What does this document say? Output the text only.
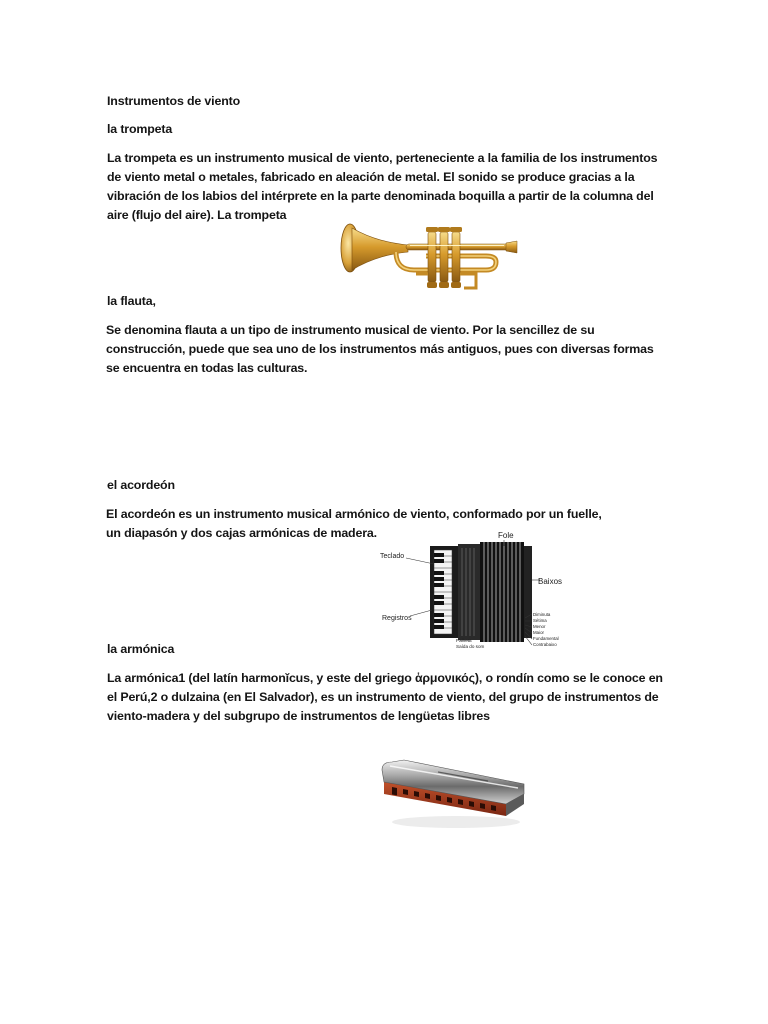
Instrumentos de viento

la trompeta

La trompeta es un instrumento musical de viento, perteneciente a la familia de los instrumentos de viento metal o metales, fabricado en aleación de metal. El sonido se produce gracias a la vibración de los labios del intérprete en la parte denominada boquilla a partir de la columna del aire (flujo del aire). La trompeta

la flauta,

Se denomina flauta a un tipo de instrumento musical de viento. Por la sencillez de su construcción, puede que sea uno de los instrumentos más antiguos, pues con diversas formas se encuentra en todas las culturas.

el acordeón

El acordeón es un instrumento musical armónico de viento, conformado por un fuelle, un diapasón y dos cajas armónicas de madera.	Fole
Teclado
Baixos
Registros
Palheta
Saída do som
Diminuta
Sétima
Menor
Maior
Fundamental
Contrabaixo

la armónica

La armónica1 (del latín harmonĭcus, y este del griego ἁρμονικός), o rondín como se le conoce en el Perú,2 o dulzaina (en El Salvador), es un instrumento de viento, del grupo de instrumentos de viento-madera y del subgrupo de instrumentos de lengüetas libres
